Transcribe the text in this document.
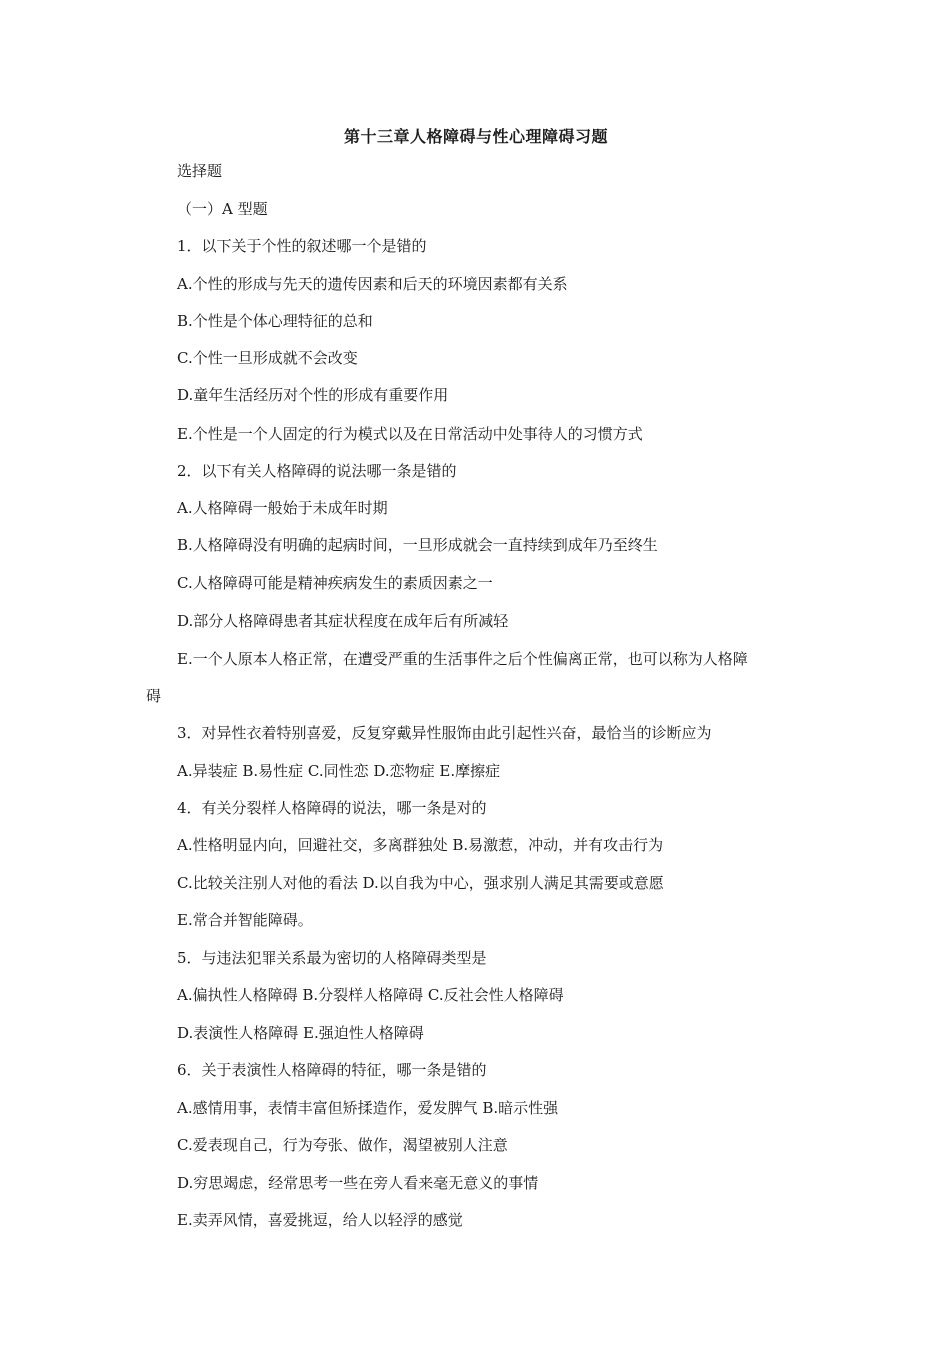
第十三章人格障碍与性心理障碍习题
选择题
（一）A 型题
1．以下关于个性的叙述哪一个是错的
A.个性的形成与先天的遗传因素和后天的环境因素都有关系
B.个性是个体心理特征的总和
C.个性一旦形成就不会改变
D.童年生活经历对个性的形成有重要作用
E.个性是一个人固定的行为模式以及在日常活动中处事待人的习惯方式
2．以下有关人格障碍的说法哪一条是错的
A.人格障碍一般始于未成年时期
B.人格障碍没有明确的起病时间，一旦形成就会一直持续到成年乃至终生
C.人格障碍可能是精神疾病发生的素质因素之一
D.部分人格障碍患者其症状程度在成年后有所减轻
E.一个人原本人格正常，在遭受严重的生活事件之后个性偏离正常，也可以称为人格障
碍
3．对异性衣着特别喜爱，反复穿戴异性服饰由此引起性兴奋，最恰当的诊断应为
A.异装症 B.易性症 C.同性恋 D.恋物症 E.摩擦症
4．有关分裂样人格障碍的说法，哪一条是对的
A.性格明显内向，回避社交，多离群独处 B.易激惹，冲动，并有攻击行为
C.比较关注别人对他的看法 D.以自我为中心，强求别人满足其需要或意愿
E.常合并智能障碍。
5．与违法犯罪关系最为密切的人格障碍类型是
A.偏执性人格障碍 B.分裂样人格障碍 C.反社会性人格障碍
D.表演性人格障碍 E.强迫性人格障碍
6．关于表演性人格障碍的特征，哪一条是错的
A.感情用事，表情丰富但矫揉造作，爱发脾气 B.暗示性强
C.爱表现自己，行为夸张、做作，渴望被别人注意
D.穷思竭虑，经常思考一些在旁人看来毫无意义的事情
E.卖弄风情，喜爱挑逗，给人以轻浮的感觉
